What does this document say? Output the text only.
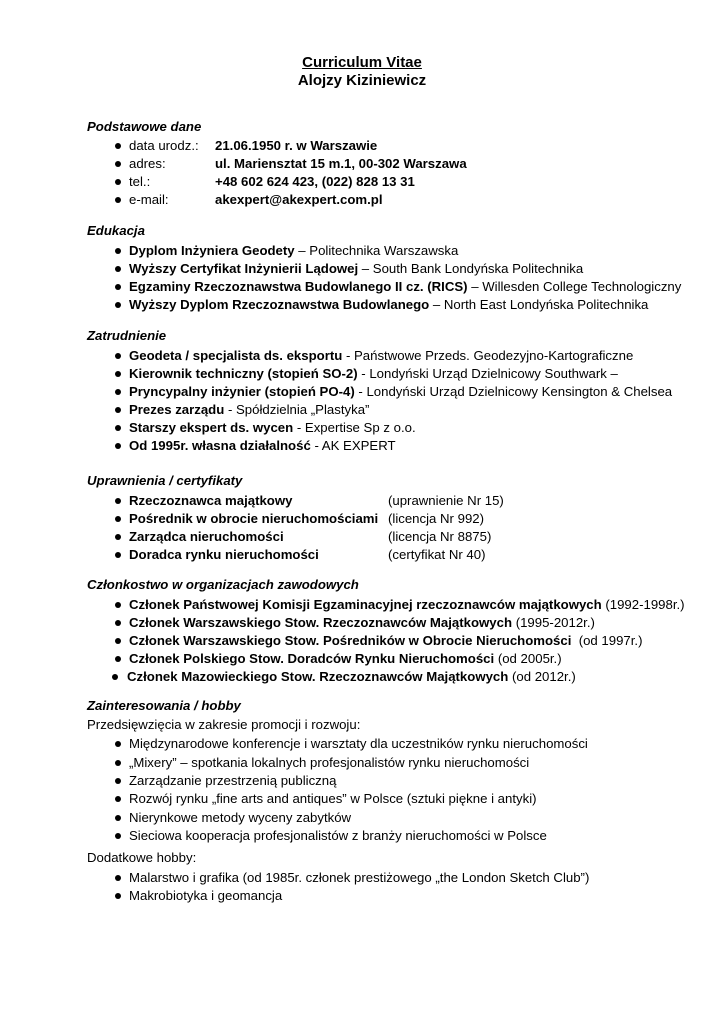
Curriculum Vitae
Alojzy Kiziniewicz
Podstawowe dane
data urodz.: 21.06.1950 r. w Warszawie
adres:	ul. Mariensztat 15 m.1, 00-302 Warszawa
tel.:	+48 602 624 423, (022) 828 13 31
e-mail:	akexpert@akexpert.com.pl
Edukacja
Dyplom Inżyniera Geodety – Politechnika Warszawska
Wyższy Certyfikat Inżynierii Lądowej – South Bank Londyńska Politechnika
Egzaminy Rzeczoznawstwa Budowlanego II cz. (RICS) – Willesden College Technologiczny
Wyższy Dyplom Rzeczoznawstwa Budowlanego – North East Londyńska Politechnika
Zatrudnienie
Geodeta / specjalista ds. eksportu - Państwowe Przeds. Geodezyjno-Kartograficzne
Kierownik techniczny (stopień SO-2) - Londyński Urząd Dzielnicowy Southwark –
Pryncypalny inżynier (stopień PO-4) - Londyński Urząd Dzielnicowy Kensington & Chelsea
Prezes zarządu - Spółdzielnia „Plastyka”
Starszy ekspert ds. wycen - Expertise Sp z o.o.
Od 1995r. własna działalność - AK EXPERT
Uprawnienia / certyfikaty
Rzeczoznawca majątkowy	(uprawnienie Nr 15)
Pośrednik w obrocie nieruchomościami (licencja Nr 992)
Zarządca nieruchomości	(licencja Nr 8875)
Doradca rynku nieruchomości	(certyfikat Nr 40)
Członkostwo w organizacjach zawodowych
Członek Państwowej Komisji Egzaminacyjnej rzeczoznawców majątkowych (1992-1998r.)
Członek Warszawskiego Stow. Rzeczoznawców Majątkowych (1995-2012r.)
Członek Warszawskiego Stow. Pośredników w Obrocie Nieruchomości  (od 1997r.)
Członek Polskiego Stow. Doradców Rynku Nieruchomości (od 2005r.)
Członek Mazowieckiego Stow. Rzeczoznawców Majątkowych (od 2012r.)
Zainteresowania / hobby
Przedsięwzięcia w zakresie promocji i rozwoju:
Międzynarodowe konferencje i warsztaty dla uczestników rynku nieruchomości
„Mixery” – spotkania lokalnych profesjonalistów rynku nieruchomości
Zarządzanie przestrzenią publiczną
Rozwój rynku „fine arts and antiques” w Polsce (sztuki piękne i antyki)
Nierynkowe metody wyceny zabytków
Sieciowa kooperacja profesjonalistów z branży nieruchomości w Polsce
Dodatkowe hobby:
Malarstwo i grafika (od 1985r. członek prestiżowego „the London Sketch Club”)
Makrobiotyka i geomancja
